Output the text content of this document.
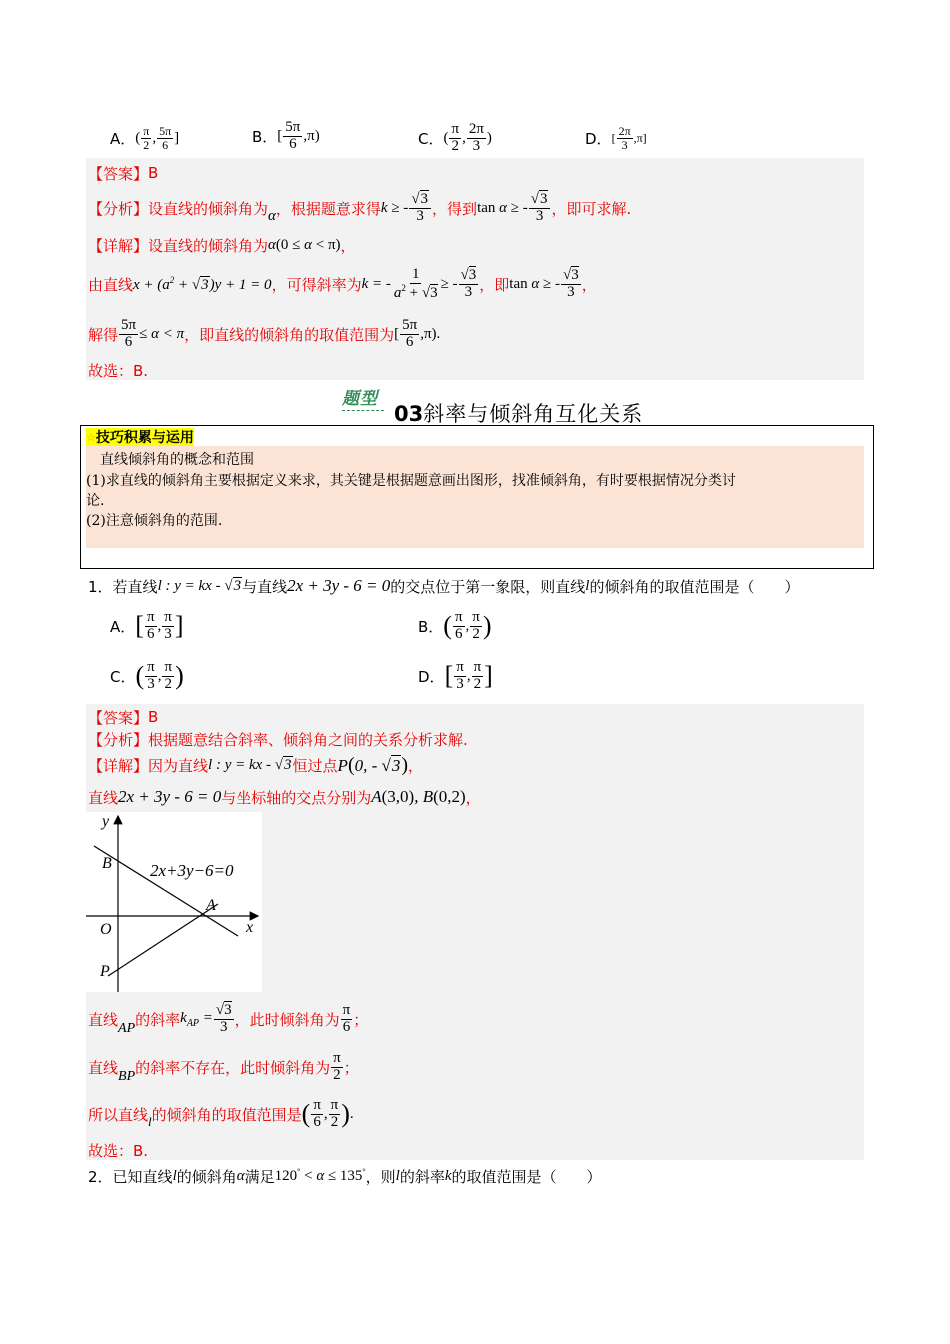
A． ( $\frac{\pi}{2}$ , $\frac{5\pi}{6}$ ]	B． [ $\frac{5\pi}{6} ,\pi$)	C． ( $\frac{\pi}{2}$ , $\frac{2\pi}{3}$ )	D． [ $\frac{2\pi}{3} ,\pi$]
【答案】 B
【分析】 设直线的倾斜角为 α ，根据题意求得 k ≥ - $\frac{√3}{3}$ ，得到 tan α ≥ - $\frac{√3}{3}$ ，即可求解.
【详解】 设直线的倾斜角为 α(0 ≤ α < π) ，
由直线 $x + (a^2 + √3)y + 1 = 0$ ，可得斜率为 k = - $\frac{1}{a^2 + √3}$ ≥ - $\frac{√3}{3}$ ，即 tan α ≥ - $\frac{√3}{3}$ ，
解得 $\frac{5\pi}{6} \le \alpha < \pi$ ，即直线的倾斜角的取值范围为 [ $\frac{5\pi}{6} ,\pi$).
故选：B.
题型
03斜率与倾斜角互化关系
☆ 技巧积累与运用
直线倾斜角的概念和范围
(1)求直线的倾斜角主要根据定义来求，其关键是根据题意画出图形，找准倾斜角，有时要根据情况分类讨
论.
(2)注意倾斜角的范围.
1． 若直线 l : y = kx - √3 与直线 2x + 3y - 6 = 0 的交点位于第一象限，则直线 l 的倾斜角的取值范围是（　　）
A． [ $\frac{\pi}{6}$ , $\frac{\pi}{3}$ ]	B． ( $\frac{\pi}{6}$ , $\frac{\pi}{2}$ )
C． ( $\frac{\pi}{3}$ , $\frac{\pi}{2}$ )	D． [ $\frac{\pi}{3}$ , $\frac{\pi}{2}$ ]
【答案】 B
【分析】 根据题意结合斜率、倾斜角之间的关系分析求解.
【详解】 因为直线 l : y = kx - √3 恒过点 P(0, - √3) ，
直线 2x + 3y - 6 = 0 与坐标轴的交点分别为 A(3,0), B(0,2) ，
y
x
B
A
O
P
2x+3y−6=0
直线 AP 的斜率 $k_{AP} = \frac{√3}{3}$ ，此时倾斜角为 $\frac{\pi}{6}$ ；
直线 BP 的斜率不存在，此时倾斜角为 $\frac{\pi}{2}$ ；
所以直线 l 的倾斜角的取值范围是 ( $\frac{\pi}{6}$ , $\frac{\pi}{2}$ ) .
故选：B.
2． 已知直线 l 的倾斜角 α 满足 120° < α ≤ 135° ，则 l 的斜率 k 的取值范围是（　　）
